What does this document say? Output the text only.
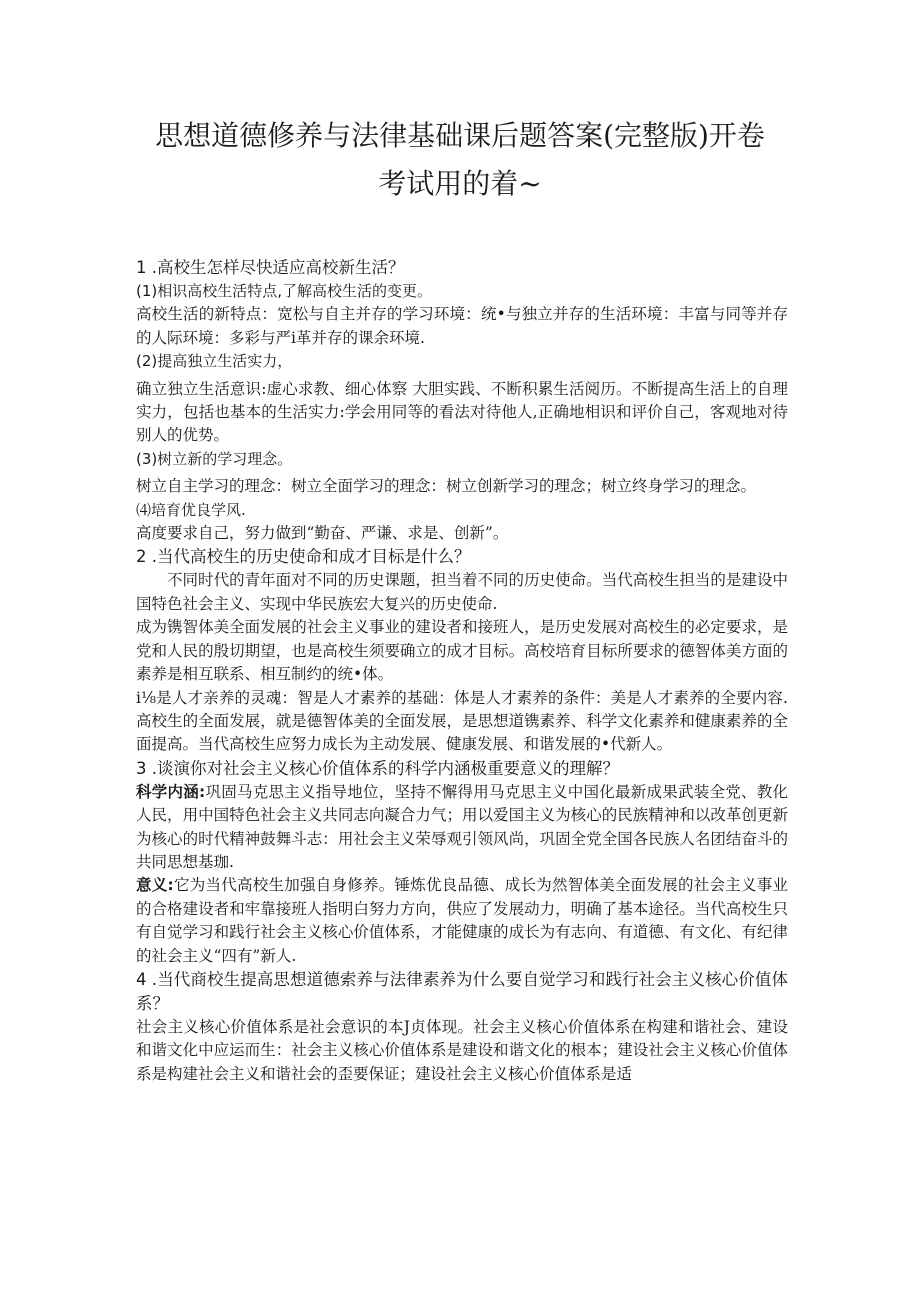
思想道德修养与法律基础课后题答案(完整版)开卷
考试用的着~

1 .高校生怎样尽快适应高校新生活？

(1)相识高校生活特点,了解高校生活的变更。

高校生活的新特点：宽松与自主并存的学习环境：统•与独立并存的生活环境：丰富与同等并存的人际环境：多彩与严i革并存的课余环境.

(2)提高独立生活实力，

确立独立生活意识:虚心求教、细心体察 大胆实践、不断积累生活阅历。不断提高生活上的自理实力，包括也基本的生活实力:学会用同等的看法对待他人,正确地相识和评价自己，客观地对待别人的优势。

(3)树立新的学习理念。

树立自主学习的理念：树立全面学习的理念：树立创新学习的理念；树立终身学习的理念。

⑷培育优良学风.

高度要求自己，努力做到“勤奋、严谦、求是、创新”。

2 .当代高校生的历史使命和成才目标是什么？

不同时代的青年面对不同的历史课题，担当着不同的历史使命。当代高校生担当的是建设中国特色社会主义、实现中华民族宏大复兴的历史使命.

成为镌智体美全面发展的社会主义事业的建设者和接班人，是历史发展对高校生的必定要求，是党和人民的殷切期望，也是高校生须要确立的成才目标。高校培育目标所要求的德智体美方面的素养是相互联系、相互制约的统•体。

i⅛是人才亲养的灵魂：智是人才素养的基础：体是人才素养的条件：美是人才素养的全要内容.高校生的全面发展，就是德智体美的全面发展，是思想道镌素养、科学文化素养和健康素养的全面提高。当代高校生应努力成长为主动发展、健康发展、和谐发展的•代新人。

3 .谈演你对社会主义核心价值体系的科学内涵极重要意义的理解？

科学内涵:巩固马克思主义指导地位，坚持不懈得用马克思主义中国化最新成果武装全党、教化人民，用中国特色社会主义共同志向凝合力气；用以爱国主义为核心的民族精神和以改革创更新为核心的时代精神鼓舞斗志：用社会主义荣辱观引领风尚，巩固全党全国各民族人名团结奋斗的共同思想基珈.

意义:它为当代高校生加强自身修养。锤炼优良品德、成长为然智体美全面发展的社会主义事业的合格建设者和牢靠接班人指明白努力方向，供应了发展动力，明确了基本途径。当代高校生只有自觉学习和践行社会主义核心价值体系，才能健康的成长为有志向、有道德、有文化、有纪律的社会主义“四有”新人.

4 .当代商校生提高思想道德索养与法律素养为什么要自觉学习和践行社会主义核心价值体系？

社会主义核心价值体系是社会意识的本J贞体现。社会主义核心价值体系在构建和谐社会、建设和谐文化中应运而生：社会主义核心价值体系是建设和谐文化的根本；建设社会主义核心价值体系是构建社会主义和谐社会的歪要保证；建设社会主义核心价值体系是适
